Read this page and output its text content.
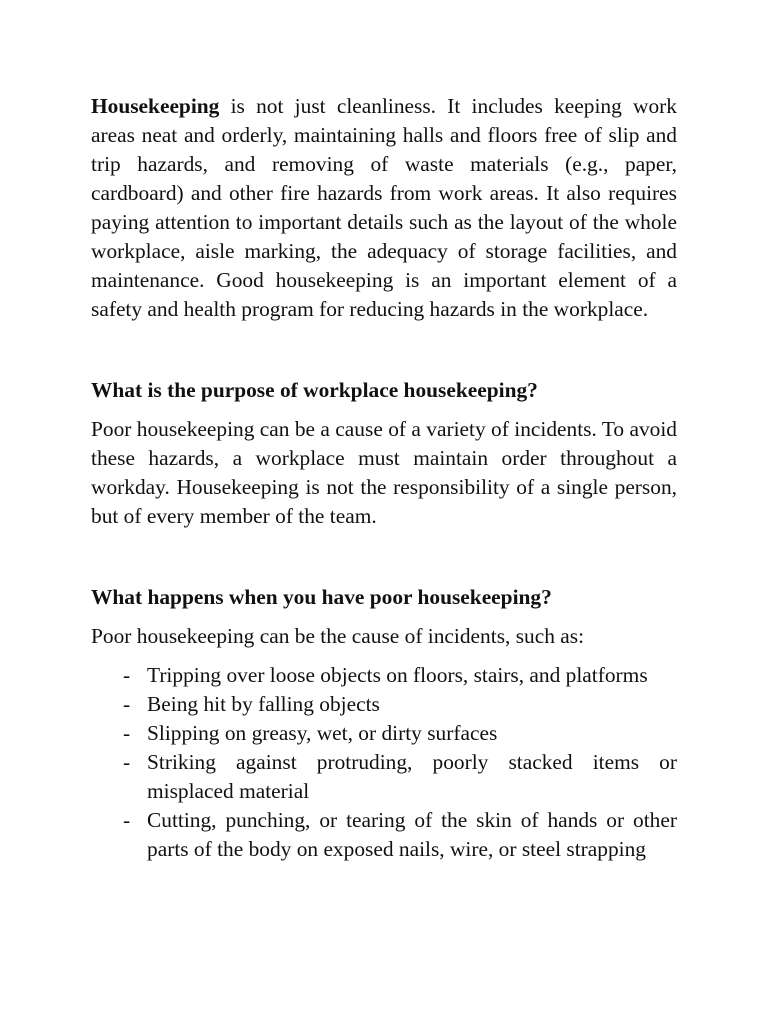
Housekeeping is not just cleanliness. It includes keeping work areas neat and orderly, maintaining halls and floors free of slip and trip hazards, and removing of waste materials (e.g., paper, cardboard) and other fire hazards from work areas. It also requires paying attention to important details such as the layout of the whole workplace, aisle marking, the adequacy of storage facilities, and maintenance. Good housekeeping is an important element of a safety and health program for reducing hazards in the workplace.

What is the purpose of workplace housekeeping?

Poor housekeeping can be a cause of a variety of incidents. To avoid these hazards, a workplace must maintain order throughout a workday. Housekeeping is not the responsibility of a single person, but of every member of the team.

What happens when you have poor housekeeping?

Poor housekeeping can be the cause of incidents, such as:

- Tripping over loose objects on floors, stairs, and platforms
- Being hit by falling objects
- Slipping on greasy, wet, or dirty surfaces
- Striking against protruding, poorly stacked items or misplaced material
- Cutting, punching, or tearing of the skin of hands or other parts of the body on exposed nails, wire, or steel strapping
